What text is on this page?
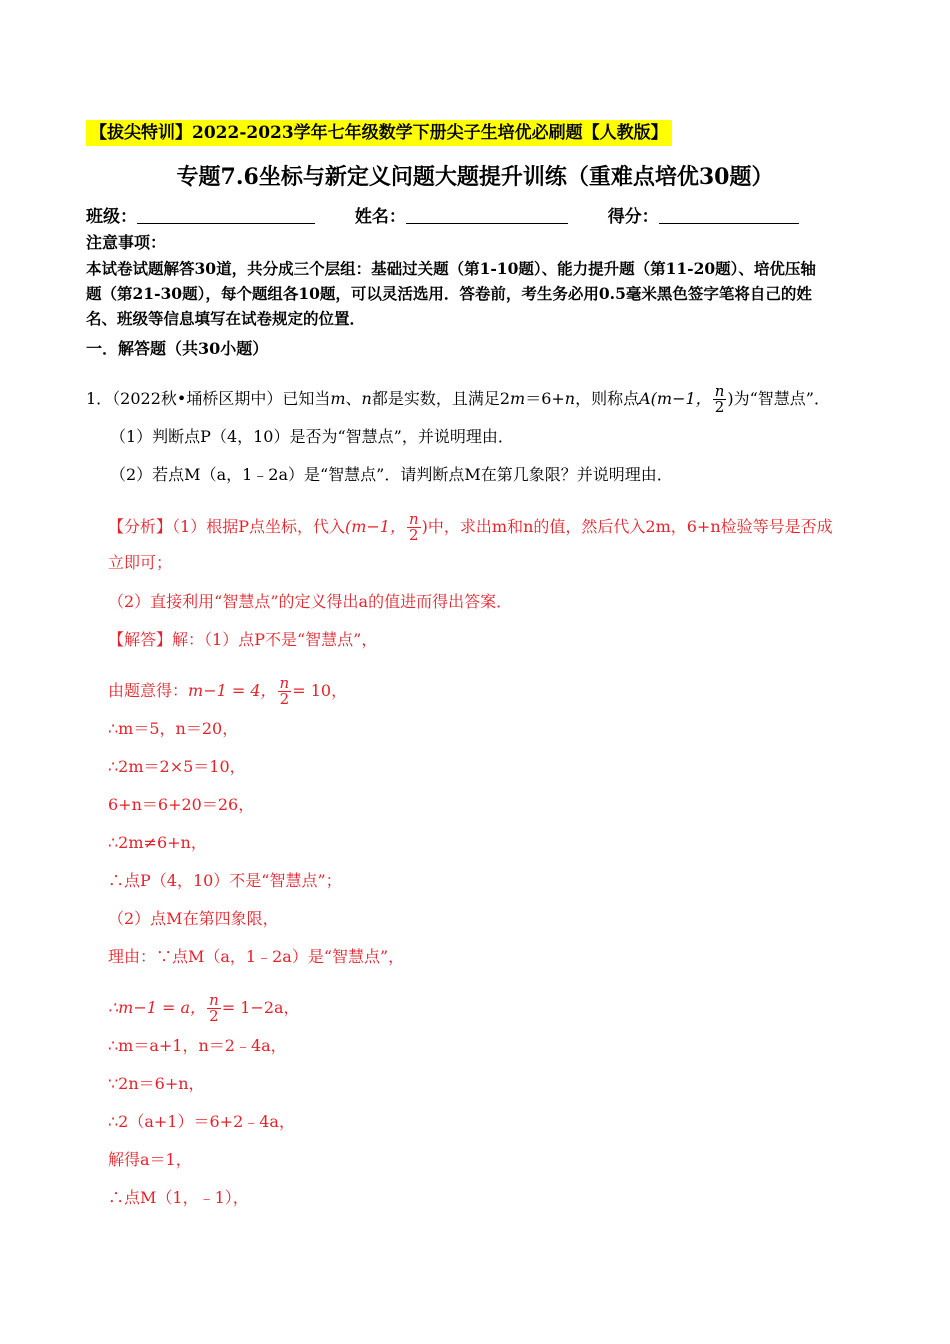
【拔尖特训】2022-2023学年七年级数学下册尖子生培优必刷题【人教版】
专题7.6坐标与新定义问题大题提升训练（重难点培优30题）
班级：	姓名：	得分：
注意事项：
本试卷试题解答30道，共分成三个层组：基础过关题（第1-10题）、能力提升题（第11-20题）、培优压轴
题（第21-30题），每个题组各10题，可以灵活选用．答卷前，考生务必用0.5毫米黑色签字笔将自己的姓
名、班级等信息填写在试卷规定的位置．
一．解答题（共30小题）
1．（2022秋•埇桥区期中）已知当m、n都是实数，且满足2m＝6+n，则称点A(m−1， $\frac{n}{2}$ )为“智慧点”．
（1）判断点P（4，10）是否为“智慧点”，并说明理由．
（2）若点M（a，1﹣2a）是“智慧点”．请判断点M在第几象限？并说明理由．
【分析】（1）根据P点坐标，代入(m−1， $\frac{n}{2}$ )中，求出m和n的值，然后代入2m，6+n检验等号是否成
立即可；
（2）直接利用“智慧点”的定义得出a的值进而得出答案．
【解答】解：（1）点P不是“智慧点”，
由题意得：m−1 = 4， $\frac{n}{2} = 10$，
∴m＝5，n＝20，
∴2m＝2×5＝10，
6+n＝6+20＝26，
∴2m≠6+n，
∴点P（4，10）不是“智慧点”；
（2）点M在第四象限，
理由：∵点M（a，1﹣2a）是“智慧点”，
∴m−1 = a， $\frac{n}{2} = 1-2a$，
∴m＝a+1，n＝2﹣4a，
∵2n＝6+n，
∴2（a+1）＝6+2﹣4a，
解得a＝1，
∴点M（1，﹣1），
